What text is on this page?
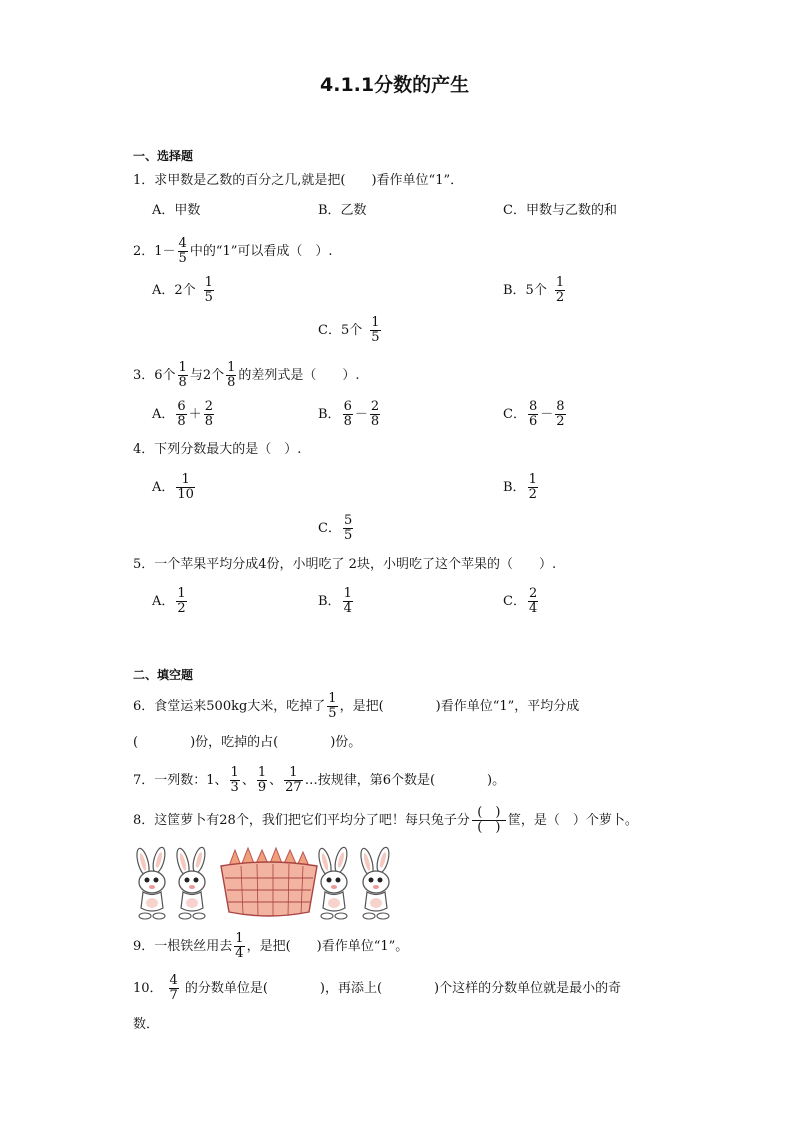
4.1.1分数的产生
一、选择题
1．求甲数是乙数的百分之几,就是把(　　)看作单位“1”．
A．甲数	B．乙数	C．甲数与乙数的和
2．$1- \frac{4}{5}$ 中的“1”可以看成（　）.
A．2个 $\frac{1}{5}$	B．5个 $\frac{1}{2}$
C．5个 $\frac{1}{5}$
3．6个 $\frac{1}{8}$ 与2个 $\frac{1}{8}$ 的差列式是（　　）.
A． $\frac{6}{8} + \frac{2}{8}$	B． $\frac{6}{8} - \frac{2}{8}$	C． $\frac{8}{6} - \frac{8}{2}$
4．下列分数最大的是（　）.
A． $\frac{1}{10}$	B． $\frac{1}{2}$
C． $\frac{5}{5}$
5．一个苹果平均分成4份，小明吃了 2块，小明吃了这个苹果的（　　）.
A． $\frac{1}{2}$	B． $\frac{1}{4}$	C． $\frac{2}{4}$
二、填空题
6．食堂运来500kg大米，吃掉了 $\frac{1}{5}$ ，是把(　　　　)看作单位“1”，平均分成
(　　　　)份，吃掉的占(　　　　)份。
7．一列数：1、 $\frac{1}{3}$ 、 $\frac{1}{9}$ 、 $\frac{1}{27}$ …按规律，第6个数是(　　　　)。
8．这筐萝卜有28个，我们把它们平均分了吧！每只兔子分 $\frac{( )}{( )}$ 筐，是（　）个萝卜。
9．一根铁丝用去 $\frac{1}{4}$ ，是把(　　)看作单位“1”。
10． $\frac{4}{7}$ 的分数单位是(　　　　)，再添上(　　　　)个这样的分数单位就是最小的奇
数．
